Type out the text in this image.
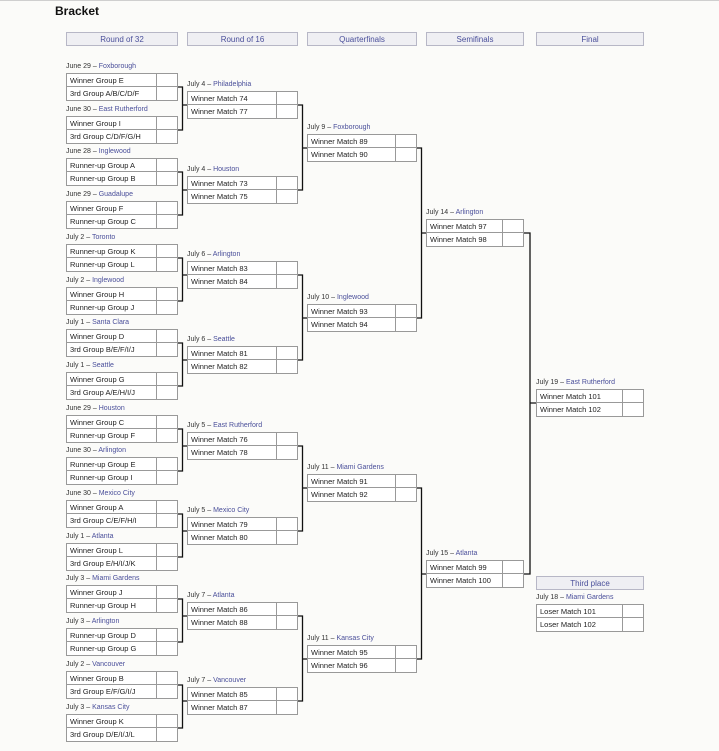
Bracket
Round of 32	Round of 16	Quarterfinals	Semifinals	Final
Third place
June 29 – Foxborough
Winner Group E
3rd Group A/B/C/D/F
June 30 – East Rutherford
Winner Group I
3rd Group C/D/F/G/H
June 28 – Inglewood
Runner-up Group A
Runner-up Group B
June 29 – Guadalupe
Winner Group F
Runner-up Group C
July 2 – Toronto
Runner-up Group K
Runner-up Group L
July 2 – Inglewood
Winner Group H
Runner-up Group J
July 1 – Santa Clara
Winner Group D
3rd Group B/E/F/I/J
July 1 – Seattle
Winner Group G
3rd Group A/E/H/I/J
June 29 – Houston
Winner Group C
Runner-up Group F
June 30 – Arlington
Runner-up Group E
Runner-up Group I
June 30 – Mexico City
Winner Group A
3rd Group C/E/F/H/I
July 1 – Atlanta
Winner Group L
3rd Group E/H/I/J/K
July 3 – Miami Gardens
Winner Group J
Runner-up Group H
July 3 – Arlington
Runner-up Group D
Runner-up Group G
July 2 – Vancouver
Winner Group B
3rd Group E/F/G/I/J
July 3 – Kansas City
Winner Group K
3rd Group D/E/I/J/L
July 4 – Philadelphia
Winner Match 74
Winner Match 77
July 4 – Houston
Winner Match 73
Winner Match 75
July 6 – Arlington
Winner Match 83
Winner Match 84
July 6 – Seattle
Winner Match 81
Winner Match 82
July 5 – East Rutherford
Winner Match 76
Winner Match 78
July 5 – Mexico City
Winner Match 79
Winner Match 80
July 7 – Atlanta
Winner Match 86
Winner Match 88
July 7 – Vancouver
Winner Match 85
Winner Match 87
July 9 – Foxborough
Winner Match 89
Winner Match 90
July 10 – Inglewood
Winner Match 93
Winner Match 94
July 11 – Miami Gardens
Winner Match 91
Winner Match 92
July 11 – Kansas City
Winner Match 95
Winner Match 96
July 14 – Arlington
Winner Match 97
Winner Match 98
July 15 – Atlanta
Winner Match 99
Winner Match 100
July 19 – East Rutherford
Winner Match 101
Winner Match 102
July 18 – Miami Gardens
Loser Match 101
Loser Match 102
